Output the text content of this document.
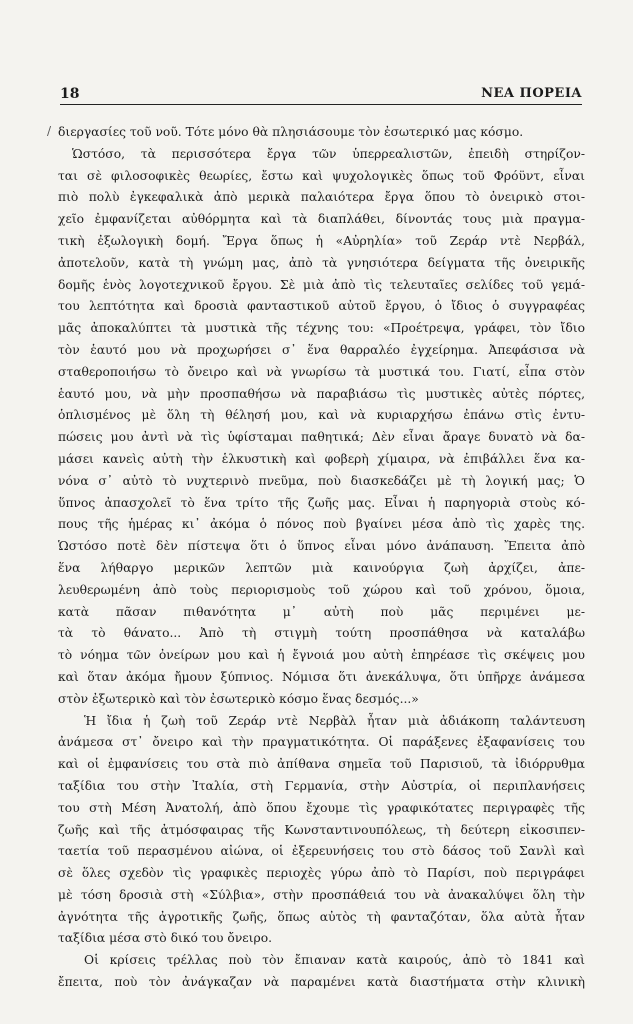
18	ΝΕΑ ΠΟΡΕΙΑ
/ διεργασίες τοῦ νοῦ. Τότε μόνο θὰ πλησιάσουμε τὸν ἐσωτερικό μας κόσμο.
Ὡστόσο, τὰ περισσότερα ἔργα τῶν ὑπερρεαλιστῶν, ἐπειδὴ στηρίζον-
ται σὲ φιλοσοφικὲς θεωρίες, ἔστω καὶ ψυχολογικὲς ὅπως τοῦ Φρόϋντ, εἶναι
πιὸ πολὺ ἐγκεφαλικὰ ἀπὸ μερικὰ παλαιότερα ἔργα ὅπου τὸ ὀνειρικὸ στοι-
χεῖο ἐμφανίζεται αὐθόρμητα καὶ τὰ διαπλάθει, δίνοντάς τους μιὰ πραγμα-
τικὴ ἐξωλογικὴ δομή. Ἔργα ὅπως ἡ «Αὐρηλία» τοῦ Ζεράρ ντὲ Νερβάλ,
ἀποτελοῦν, κατὰ τὴ γνώμη μας, ἀπὸ τὰ γνησιότερα δείγματα τῆς ὀνειρικῆς
δομῆς ἑνὸς λογοτεχνικοῦ ἔργου. Σὲ μιὰ ἀπὸ τὶς τελευταῖες σελίδες τοῦ γεμά-
του λεπτότητα καὶ δροσιὰ φανταστικοῦ αὐτοῦ ἔργου, ὁ ἴδιος ὁ συγγραφέας
μᾶς ἀποκαλύπτει τὰ μυστικὰ τῆς τέχνης του: «Προέτρεψα, γράφει, τὸν ἴδιο
τὸν ἑαυτό μου νὰ προχωρήσει σ᾿ ἕνα θαρραλέο ἐγχείρημα. Ἀπεφάσισα νὰ
σταθεροποιήσω τὸ ὄνειρο καὶ νὰ γνωρίσω τὰ μυστικά του. Γιατί, εἶπα στὸν
ἑαυτό μου, νὰ μὴν προσπαθήσω νὰ παραβιάσω τὶς μυστικὲς αὐτὲς πόρτες,
ὁπλισμένος μὲ ὅλη τὴ θέλησή μου, καὶ νὰ κυριαρχήσω ἐπάνω στὶς ἐντυ-
πώσεις μου ἀντὶ νὰ τὶς ὑφίσταμαι παθητικά; Δὲν εἶναι ἄραγε δυνατὸ νὰ δα-
μάσει κανεὶς αὐτὴ τὴν ἑλκυστικὴ καὶ φοβερὴ χίμαιρα, νὰ ἐπιβάλλει ἕνα κα-
νόνα σ᾿ αὐτὸ τὸ νυχτερινὸ πνεῦμα, ποὺ διασκεδάζει μὲ τὴ λογική μας; Ὁ
ὕπνος ἀπασχολεῖ τὸ ἕνα τρίτο τῆς ζωῆς μας. Εἶναι ἡ παρηγοριὰ στοὺς κό-
πους τῆς ἡμέρας κι᾿ ἀκόμα ὁ πόνος ποὺ βγαίνει μέσα ἀπὸ τὶς χαρὲς της.
Ὡστόσο ποτὲ δὲν πίστεψα ὅτι ὁ ὕπνος εἶναι μόνο ἀνάπαυση. Ἔπειτα ἀπὸ
ἕνα λήθαργο μερικῶν λεπτῶν μιὰ καινούργια ζωὴ ἀρχίζει, ἀπε-
λευθερωμένη ἀπὸ τοὺς περιορισμοὺς τοῦ χώρου καὶ τοῦ χρόνου, ὅμοια,
κατὰ πᾶσαν πιθανότητα μ᾿ αὐτὴ ποὺ μᾶς περιμένει με-
τὰ τὸ θάνατο... Ἀπὸ τὴ στιγμὴ τούτη προσπάθησα νὰ καταλάβω
τὸ νόημα τῶν ὀνείρων μου καὶ ἡ ἔγνοιά μου αὐτὴ ἐπηρέασε τὶς σκέψεις μου
καὶ ὅταν ἀκόμα ἤμουν ξύπνιος. Νόμισα ὅτι ἀνεκάλυψα, ὅτι ὑπῆρχε ἀνάμεσα
στὸν ἐξωτερικὸ καὶ τὸν ἐσωτερικὸ κόσμο ἕνας δεσμός...»
Ἡ ἴδια ἡ ζωὴ τοῦ Ζεράρ ντὲ Νερβὰλ ἦταν μιὰ ἀδιάκοπη ταλάντευση
ἀνάμεσα στ᾿ ὄνειρο καὶ τὴν πραγματικότητα. Οἱ παράξενες ἐξαφανίσεις του
καὶ οἱ ἐμφανίσεις του στὰ πιὸ ἀπίθανα σημεῖα τοῦ Παρισιοῦ, τὰ ἰδιόρρυθμα
ταξίδια του στὴν Ἰταλία, στὴ Γερμανία, στὴν Αὐστρία, οἱ περιπλανήσεις
του στὴ Μέση Ἀνατολή, ἀπὸ ὅπου ἔχουμε τὶς γραφικότατες περιγραφὲς τῆς
ζωῆς καὶ τῆς ἀτμόσφαιρας τῆς Κωνσταντινουπόλεως, τὴ δεύτερη εἰκοσιπεν-
ταετία τοῦ περασμένου αἰώνα, οἱ ἐξερευνήσεις του στὸ δάσος τοῦ Σανλὶ καὶ
σὲ ὅλες σχεδὸν τὶς γραφικὲς περιοχὲς γύρω ἀπὸ τὸ Παρίσι, ποὺ περιγράφει
μὲ τόση δροσιὰ στὴ «Σύλβια», στὴν προσπάθειά του νὰ ἀνακαλύψει ὅλη τὴν
ἀγνότητα τῆς ἀγροτικῆς ζωῆς, ὅπως αὐτὸς τὴ φανταζόταν, ὅλα αὐτὰ ἦταν
ταξίδια μέσα στὸ δικό του ὄνειρο.
Οἱ κρίσεις τρέλλας ποὺ τὸν ἔπιαναν κατὰ καιρούς, ἀπὸ τὸ 1841 καὶ
ἔπειτα, ποὺ τὸν ἀνάγκαζαν νὰ παραμένει κατὰ διαστήματα στὴν κλινικὴ
